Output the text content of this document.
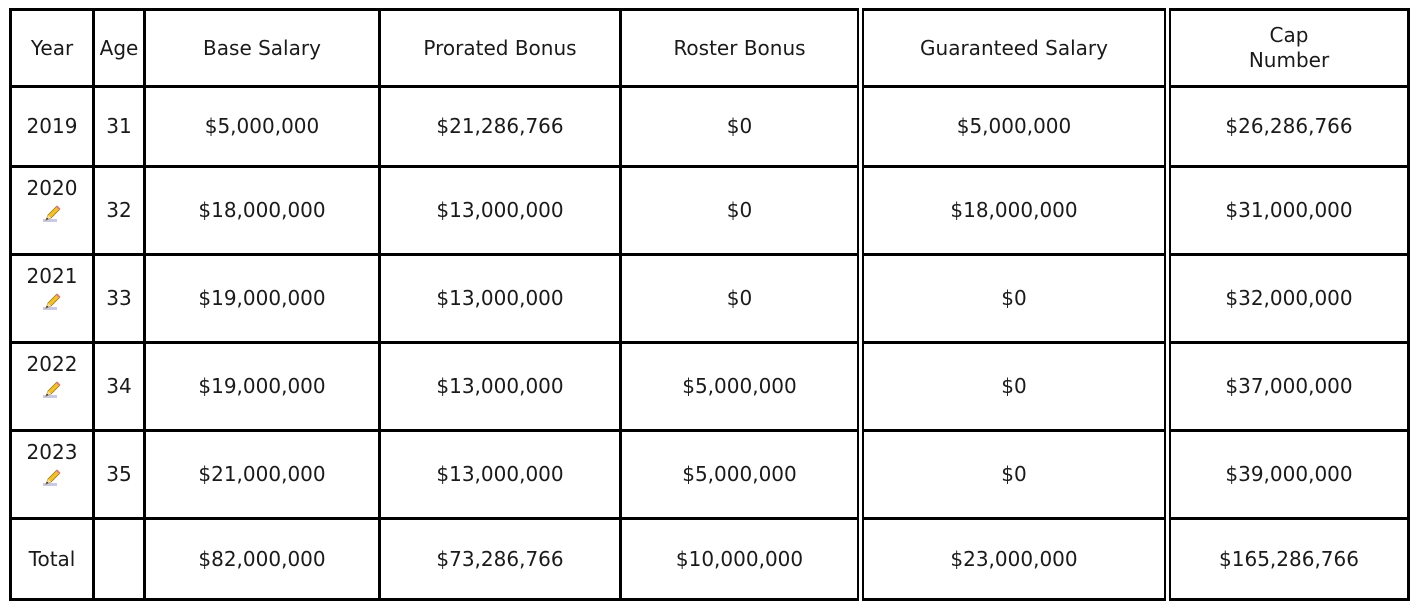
Year	Age	Base Salary	Prorated Bonus	Roster Bonus	Guaranteed Salary	Cap
Number
2019	31	$5,000,000	$21,286,766	$0	$5,000,000	$26,286,766
2020	32	$18,000,000	$13,000,000	$0	$18,000,000	$31,000,000
2021	33	$19,000,000	$13,000,000	$0	$0	$32,000,000
2022	34	$19,000,000	$13,000,000	$5,000,000	$0	$37,000,000
2023	35	$21,000,000	$13,000,000	$5,000,000	$0	$39,000,000
Total		$82,000,000	$73,286,766	$10,000,000	$23,000,000	$165,286,766
